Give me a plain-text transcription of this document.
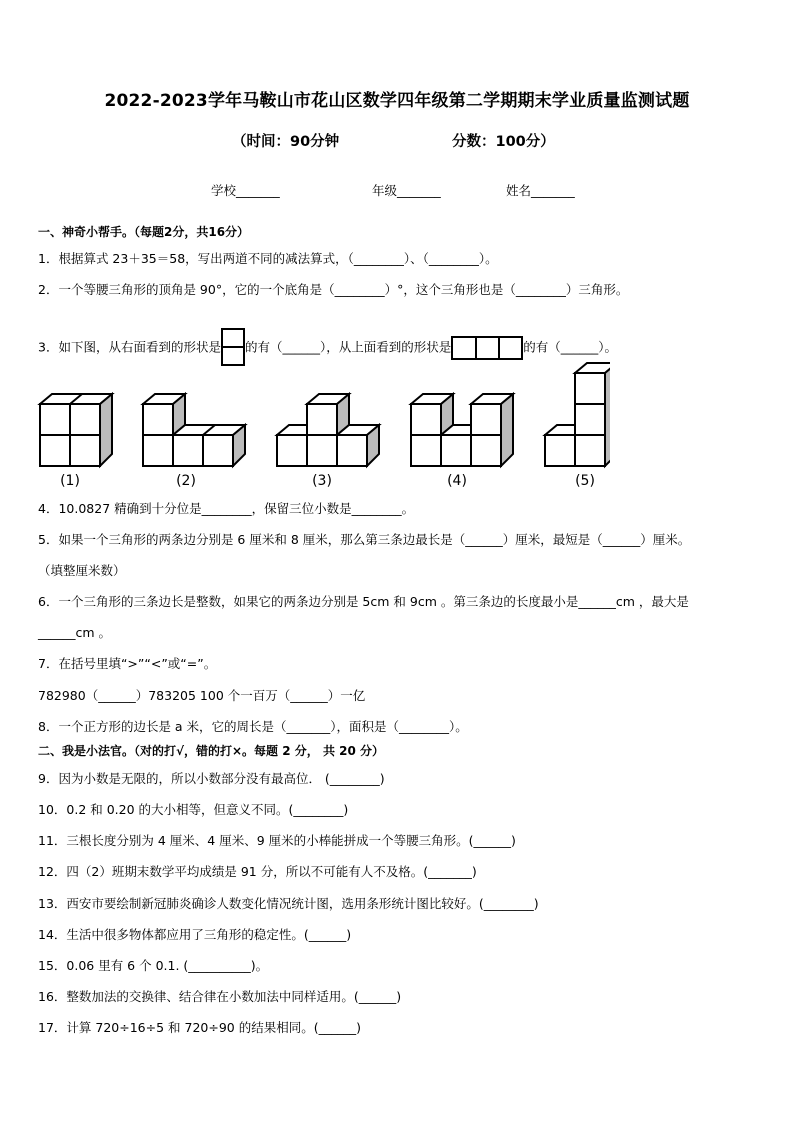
2022-2023学年马鞍山市花山区数学四年级第二学期期末学业质量监测试题
（时间：90分钟	分数：100分）
学校_______	年级_______	姓名_______
一、神奇小帮手。（每题2分，共16分）
1．根据算式 23＋35＝58，写出两道不同的减法算式，（________）、（________）。
2．一个等腰三角形的顶角是 90°，它的一个底角是（________）°，这个三角形也是（________）三角形。
3．如下图，从右面看到的形状是 的有（______），从上面看到的形状是	的有（______）。
(1)	(2)	(3)	(4)	(5)
4．10.0827 精确到十分位是________，保留三位小数是________。
5．如果一个三角形的两条边分别是 6 厘米和 8 厘米，那么第三条边最长是（______）厘米，最短是（______）厘米。
（填整厘米数）
6．一个三角形的三条边长是整数，如果它的两条边分别是 5cm 和 9cm 。第三条边的长度最小是______cm ，最大是
______cm 。
7．在括号里填“>”“<”或“=”。
782980（______）783205 100 个一百万（______）一亿
8．一个正方形的边长是 a 米，它的周长是（_______），面积是（________）。
二、我是小法官。（对的打√，错的打×。每题 2 分， 共 20 分）
9．因为小数是无限的，所以小数部分没有最高位． (________)
10．0.2 和 0.20 的大小相等，但意义不同。(________)
11．三根长度分别为 4 厘米、4 厘米、9 厘米的小棒能拼成一个等腰三角形。(______)
12．四（2）班期末数学平均成绩是 91 分，所以不可能有人不及格。(_______)
13．西安市要绘制新冠肺炎确诊人数变化情况统计图，选用条形统计图比较好。(________)
14．生活中很多物体都应用了三角形的稳定性。(______)
15．0.06 里有 6 个 0.1. (__________)。
16．整数加法的交换律、结合律在小数加法中同样适用。(______)
17．计算 720÷16÷5 和 720÷90 的结果相同。(______)
